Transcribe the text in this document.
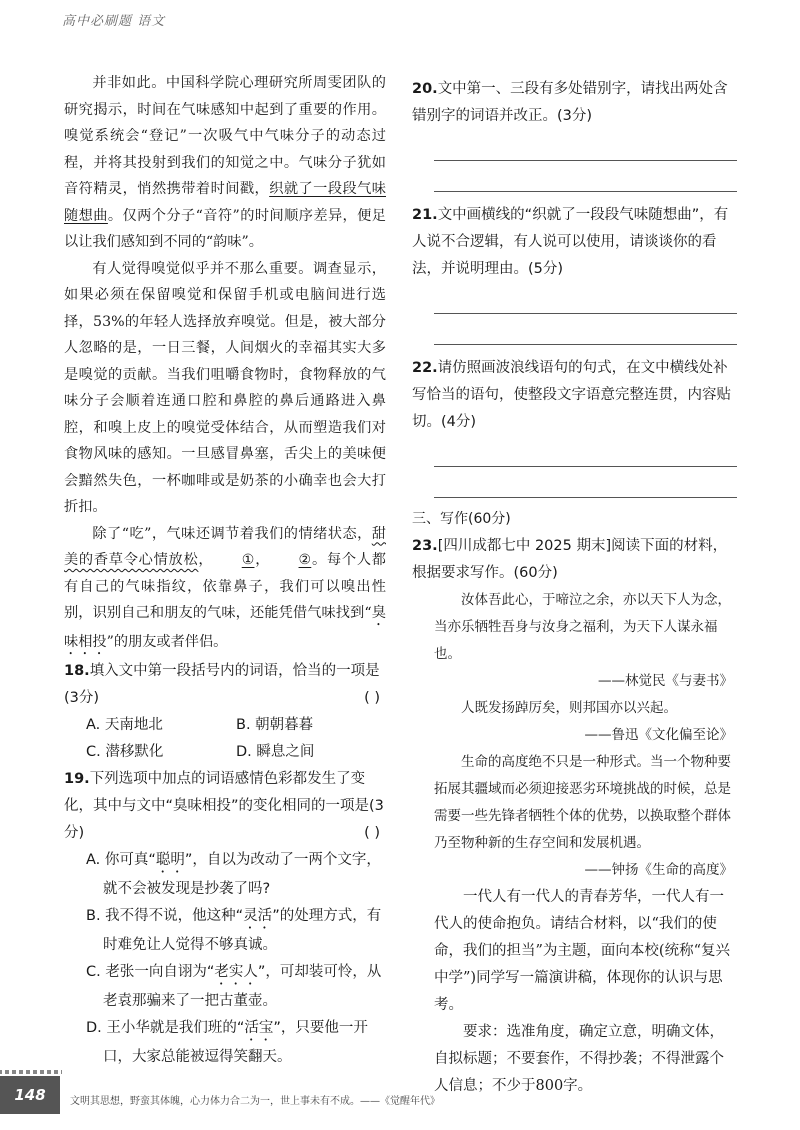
高中必刷题 语文

并非如此。中国科学院心理研究所周雯团队的研究揭示，时间在气味感知中起到了重要的作用。嗅觉系统会“登记”一次吸气中气味分子的动态过程，并将其投射到我们的知觉之中。气味分子犹如音符精灵，悄然携带着时间戳，织就了一段段气味随想曲。仅两个分子“音符”的时间顺序差异，便足以让我们感知到不同的“韵味”。

有人觉得嗅觉似乎并不那么重要。调查显示，如果必须在保留嗅觉和保留手机或电脑间进行选择，53%的年轻人选择放弃嗅觉。但是，被大部分人忽略的是，一日三餐，人间烟火的幸福其实大多是嗅觉的贡献。当我们咀嚼食物时，食物释放的气味分子会顺着连通口腔和鼻腔的鼻后通路进入鼻腔，和嗅上皮上的嗅觉受体结合，从而塑造我们对食物风味的感知。一旦感冒鼻塞，舌尖上的美味便会黯然失色，一杯咖啡或是奶茶的小确幸也会大打折扣。

除了“吃”，气味还调节着我们的情绪状态，甜美的香草令心情放松， ①， ②。每个人都有自己的气味指纹，依靠鼻子，我们可以嗅出性别，识别自己和朋友的气味，还能凭借气味找到“臭味相投”的朋友或者伴侣。

18.填入文中第一段括号内的词语，恰当的一项是(3分)	( )
A. 天南地北	B. 朝朝暮暮
C. 潜移默化	D. 瞬息之间
19.下列选项中加点的词语感情色彩都发生了变化，其中与文中“臭味相投”的变化相同的一项是(3分)	( )
A. 你可真“聪明”，自以为改动了一两个文字，
就不会被发现是抄袭了吗?
B. 我不得不说，他这种“灵活”的处理方式，有
时难免让人觉得不够真诚。
C. 老张一向自诩为“老实人”，可却装可怜，从
老袁那骗来了一把古董壶。
D. 王小华就是我们班的“活宝”，只要他一开
口，大家总能被逗得笑翻天。
20.文中第一、三段有多处错别字，请找出两处含错别字的词语并改正。(3分)
21.文中画横线的“织就了一段段气味随想曲”，有人说不合逻辑，有人说可以使用，请谈谈你的看法，并说明理由。(5分)
22.请仿照画波浪线语句的句式，在文中横线处补写恰当的语句，使整段文字语意完整连贯，内容贴切。(4分)
三、写作(60分)
23.[四川成都七中 2025 期末]阅读下面的材料，根据要求写作。(60分)

汝体吾此心，于啼泣之余，亦以天下人为念，当亦乐牺牲吾身与汝身之福利，为天下人谋永福也。

——林觉民《与妻书》

人既发扬踔厉矣，则邦国亦以兴起。

——鲁迅《文化偏至论》

生命的高度绝不只是一种形式。当一个物种要拓展其疆域而必须迎接恶劣环境挑战的时候，总是需要一些先锋者牺牲个体的优势，以换取整个群体乃至物种新的生存空间和发展机遇。

——钟扬《生命的高度》

一代人有一代人的青春芳华，一代人有一代人的使命抱负。请结合材料，以“我们的使命，我们的担当”为主题，面向本校(统称“复兴中学”)同学写一篇演讲稿，体现你的认识与思考。

要求：选准角度，确定立意，明确文体，自拟标题；不要套作，不得抄袭；不得泄露个人信息；不少于800字。

148 文明其思想，野蛮其体魄，心力体力合二为一，世上事未有不成。——《觉醒年代》
